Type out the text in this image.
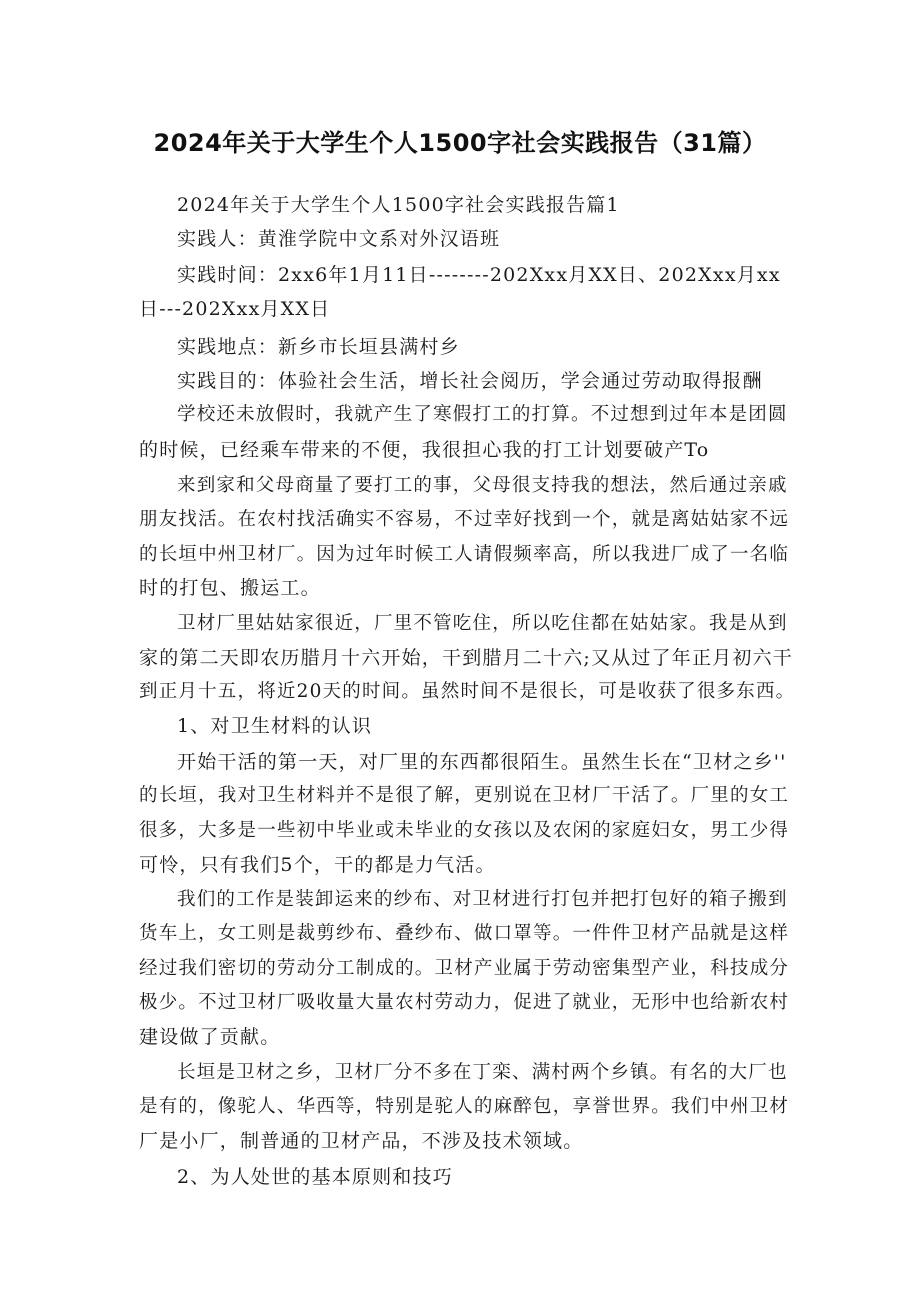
2024年关于大学生个人1500字社会实践报告（31篇）
2024年关于大学生个人1500字社会实践报告篇1
实践人：黄淮学院中文系对外汉语班
实践时间：2xx6年1月11日--------202Xxx月XX日、202Xxx月xx
日---202Xxx月XX日
实践地点：新乡市长垣县满村乡
实践目的：体验社会生活，增长社会阅历，学会通过劳动取得报酬
学校还未放假时，我就产生了寒假打工的打算。不过想到过年本是团圆
的时候，已经乘车带来的不便，我很担心我的打工计划要破产To
来到家和父母商量了要打工的事，父母很支持我的想法，然后通过亲戚
朋友找活。在农村找活确实不容易，不过幸好找到一个，就是离姑姑家不远
的长垣中州卫材厂。因为过年时候工人请假频率高，所以我进厂成了一名临
时的打包、搬运工。
卫材厂里姑姑家很近，厂里不管吃住，所以吃住都在姑姑家。我是从到
家的第二天即农历腊月十六开始，干到腊月二十六;又从过了年正月初六干
到正月十五，将近20天的时间。虽然时间不是很长，可是收获了很多东西。
1、对卫生材料的认识
开始干活的第一天，对厂里的东西都很陌生。虽然生长在“卫材之乡''
的长垣，我对卫生材料并不是很了解，更别说在卫材厂干活了。厂里的女工
很多，大多是一些初中毕业或未毕业的女孩以及农闲的家庭妇女，男工少得
可怜，只有我们5个，干的都是力气活。
我们的工作是装卸运来的纱布、对卫材进行打包并把打包好的箱子搬到
货车上，女工则是裁剪纱布、叠纱布、做口罩等。一件件卫材产品就是这样
经过我们密切的劳动分工制成的。卫材产业属于劳动密集型产业，科技成分
极少。不过卫材厂吸收量大量农村劳动力，促进了就业，无形中也给新农村
建设做了贡献。
长垣是卫材之乡，卫材厂分不多在丁栾、满村两个乡镇。有名的大厂也
是有的，像驼人、华西等，特别是驼人的麻醉包，享誉世界。我们中州卫材
厂是小厂，制普通的卫材产品，不涉及技术领域。
2、为人处世的基本原则和技巧
